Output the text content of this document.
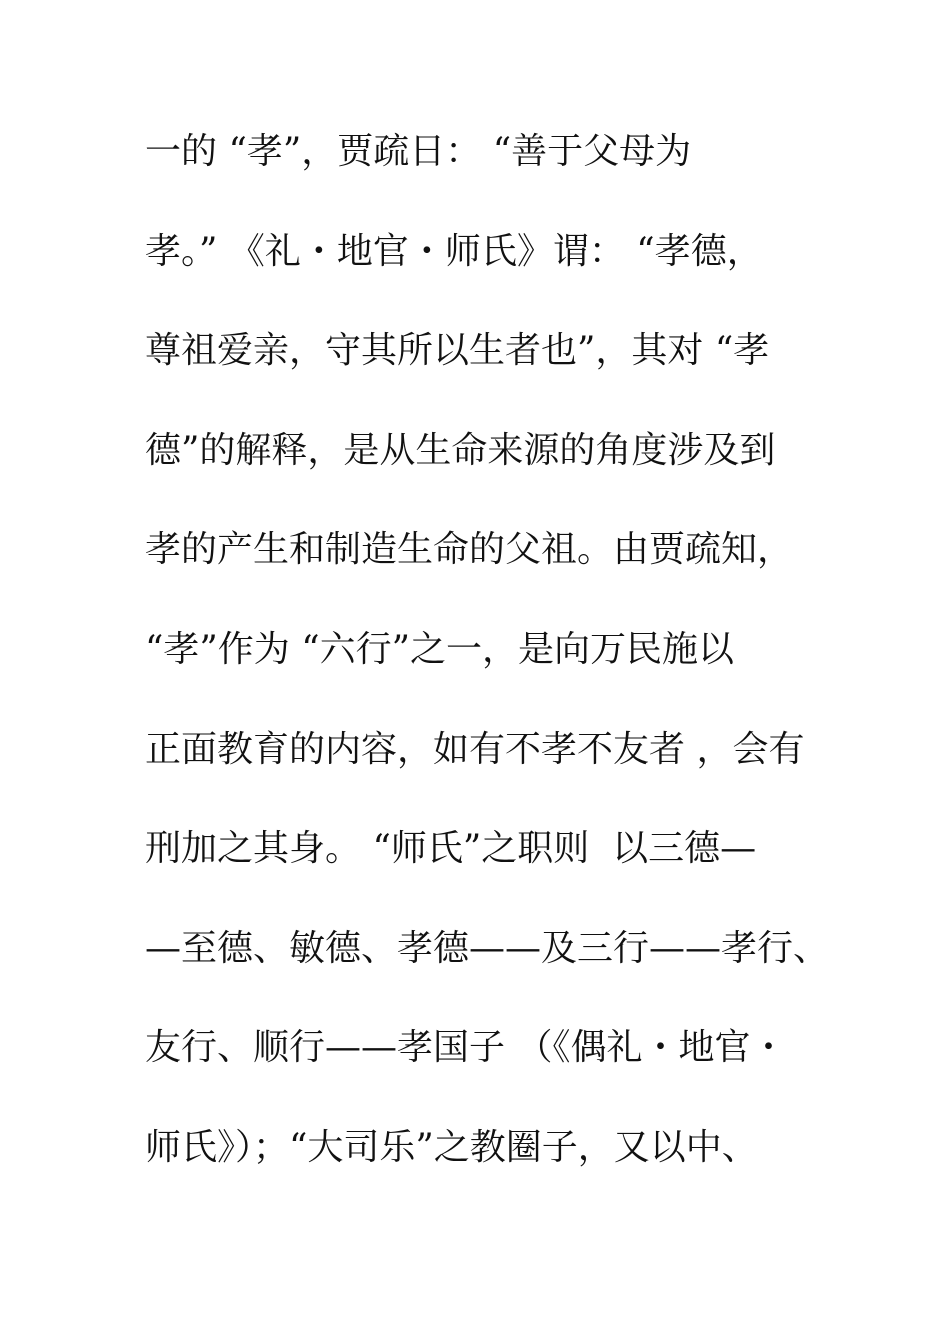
一的 “孝”，贾疏日： “善于父母为
孝。” 《礼・地官・师氏》谓： “孝德，
尊祖爱亲，守其所以生者也”，其对 “孝
德”的解释，是从生命来源的角度涉及到
孝的产生和制造生命的父祖。由贾疏知，
“孝”作为 “六行”之一，是向万民施以
正面教育的内容，如有不孝不友者 ，会有
刑加之其身。 “师氏”之职则  以三德—
—至德、敏德、孝德——及三行——孝行、
友行、顺行——孝国子 （《偶礼・地官・
师氏》）；“大司乐”之教圈子，又以中、
